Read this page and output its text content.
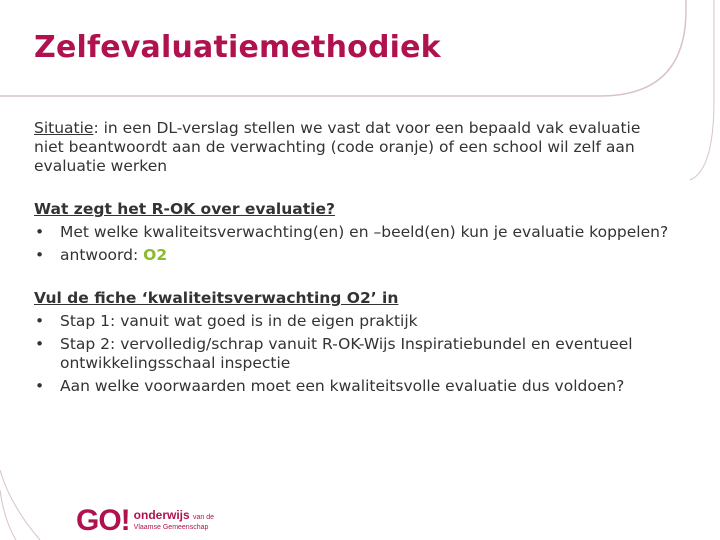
Zelfevaluatiemethodiek

Situatie: in een DL-verslag stellen we vast dat voor een bepaald vak evaluatie niet beantwoordt aan de verwachting (code oranje) of een school wil zelf aan evaluatie werken

Wat zegt het R-OK over evaluatie?
• Met welke kwaliteitsverwachting(en) en –beeld(en) kun je evaluatie koppelen?
• antwoord: O2
Vul de fiche ‘kwaliteitsverwachting O2’ in
• Stap 1: vanuit wat goed is in de eigen praktijk
• Stap 2: vervolledig/schrap vanuit R-OK-Wijs Inspiratiebundel en eventueel ontwikkelingsschaal inspectie
• Aan welke voorwaarden moet een kwaliteitsvolle evaluatie dus voldoen?
GO! onderwijs van de
Vlaamse Gemeenschap
